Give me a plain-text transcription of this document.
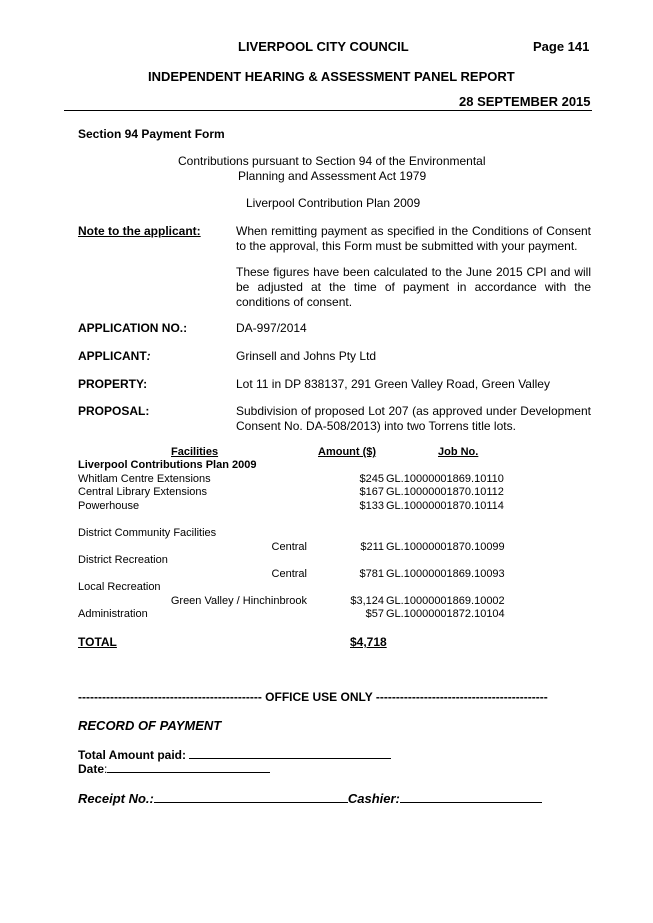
LIVERPOOL CITY COUNCIL	Page 141
INDEPENDENT HEARING & ASSESSMENT PANEL REPORT
28 SEPTEMBER 2015
Section 94 Payment Form
Contributions pursuant to Section 94 of the Environmental
Planning and Assessment Act 1979
Liverpool Contribution Plan 2009
Note to the applicant:	When remitting payment as specified in the Conditions of Consent to the approval, this Form must be submitted with your payment.
These figures have been calculated to the June 2015 CPI and will be adjusted at the time of payment in accordance with the conditions of consent.
APPLICATION NO.:	DA-997/2014
APPLICANT:	Grinsell and Johns Pty Ltd
PROPERTY:	Lot 11 in DP 838137, 291 Green Valley Road, Green Valley
PROPOSAL:	Subdivision of proposed Lot 207 (as approved under Development Consent No. DA-508/2013) into two Torrens title lots.
Facilities	Amount ($)	Job No.
Liverpool Contributions Plan 2009
Whitlam Centre Extensions	$245 GL.10000001869.10110
Central Library Extensions	$167 GL.10000001870.10112
Powerhouse	$133 GL.10000001870.10114
District Community Facilities
Central	$211 GL.10000001870.10099
District Recreation
Central	$781 GL.10000001869.10093
Local Recreation
Green Valley / Hinchinbrook	$3,124 GL.10000001869.10002
Administration	$57 GL.10000001872.10104
TOTAL	$4,718
---------------------------------------------- OFFICE USE ONLY -------------------------------------------
RECORD OF PAYMENT
Total Amount paid:
Date:
Receipt No.:	Cashier:
